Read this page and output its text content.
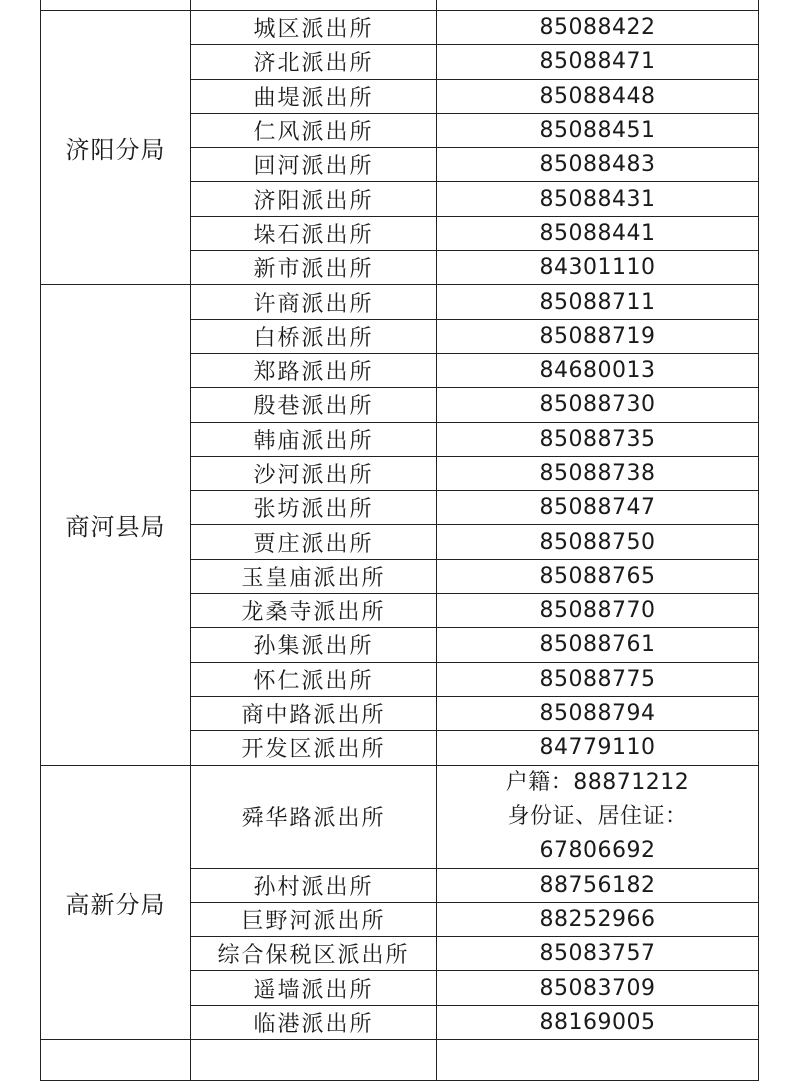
济阳分局	城区派出所	85088422
	济北派出所	85088471
	曲堤派出所	85088448
	仁风派出所	85088451
	回河派出所	85088483
	济阳派出所	85088431
	垛石派出所	85088441
	新市派出所	84301110
商河县局	许商派出所	85088711
	白桥派出所	85088719
	郑路派出所	84680013
	殷巷派出所	85088730
	韩庙派出所	85088735
	沙河派出所	85088738
	张坊派出所	85088747
	贾庄派出所	85088750
	玉皇庙派出所	85088765
	龙桑寺派出所	85088770
	孙集派出所	85088761
	怀仁派出所	85088775
	商中路派出所	85088794
	开发区派出所	84779110
高新分局	舜华路派出所	户籍：88871212
身份证、居住证：
67806692

	孙村派出所	88756182
	巨野河派出所	88252966
	综合保税区派出所	85083757
	遥墙派出所	85083709
	临港派出所	88169005
